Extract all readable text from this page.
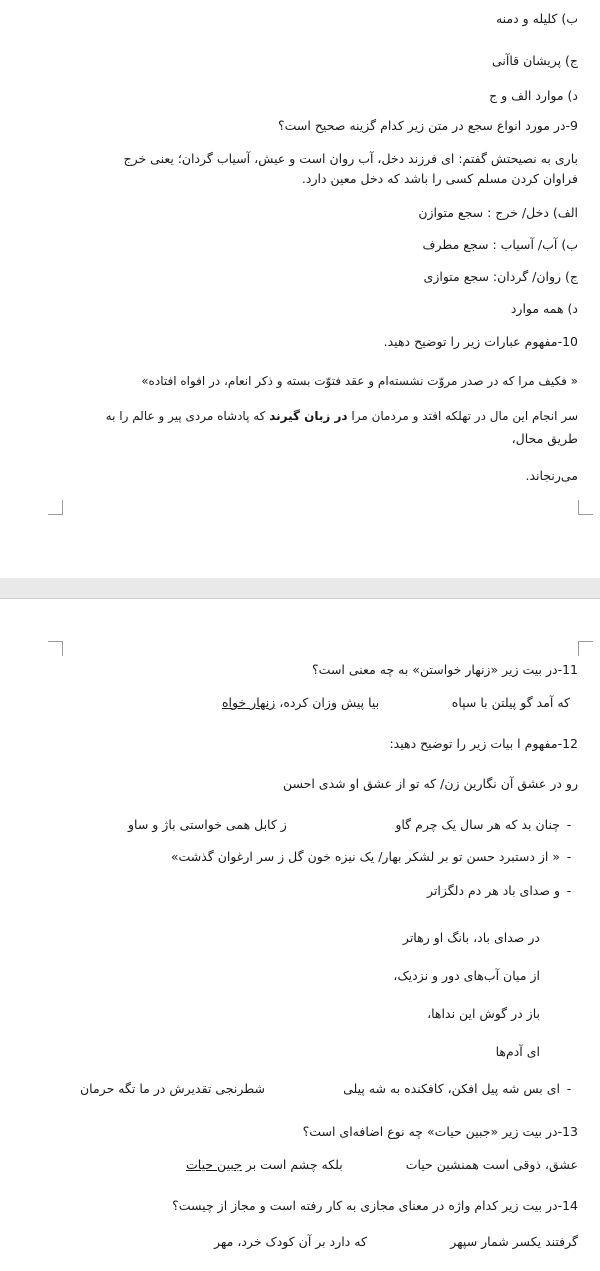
ب) کلیله و دمنه
ج) پریشان قاآنی
د) موارد الف و ج
9-در مورد انواع سجع در متن زیر کدام گزینه صحیح است؟
باری به نصیحتش گفتم: ای فرزند دخل، آب روان است و عیش، آسیاب گردان؛ یعنی خرج
فراوان کردن مسلم کسی را باشد که دخل معین دارد.
الف) دخل/ خرج : سجع متوازن
ب) آب/ آسیاب : سجع مطرف
ج) روان/ گردان: سجع متوازی
د) همه موارد
10-مفهوم عبارات زیر را توضیح دهید.
« فکیف مرا که در صدر مروّت نشسته‌ام و عقد فتوّت بسته و ذکر انعام، در افواه افتاده»
سر انجام این مال در تهلکه افتد و مردمان مرا در زبان گیرند که پادشاه مردی پیر و عالم را به
طریق محال،
می‌رنجاند.
11-در بیت زیر «زنهار خواستن» به چه معنی است؟
که آمد گو پیلتن با سپاه
بیا پیش وزان کرده، زنهار خواه
12-مفهوم ا بیات زیر را توضیح دهید:
رو در عشق آن نگارین زن/ که تو از عشق او شدی احسن
-چنان بد که هر سال یک چرم گاو
ز کابل همی خواستی باژ و ساو
-« از دستبرد حسن تو بر لشکر بهار/ یک نیزه خون گل ز سر ارغوان گذشت»
-و صدای باد هر دم دلگزاتر
در صدای باد، بانگ او رهاتر
از میان آب‌های دور و نزدیک،
باز در گوش این نداها،
ای آدم‌ها
-ای بس شه پیل افکن، کافکنده به شه پیلی
شطرنجی تقدیرش در ما تگه حرمان
13-در بیت زیر «جبین حیات» چه نوع اضافه‌ای است؟
عشق، ذوقی است همنشین حیات
بلکه چشم است بر جبین حیات
14-در بیت زیر کدام واژه در معنای مجازی به کار رفته است و مجاز از چیست؟
گرفتند یکسر شمار سپهر
که دارد بر آن کودک خرد، مهر
